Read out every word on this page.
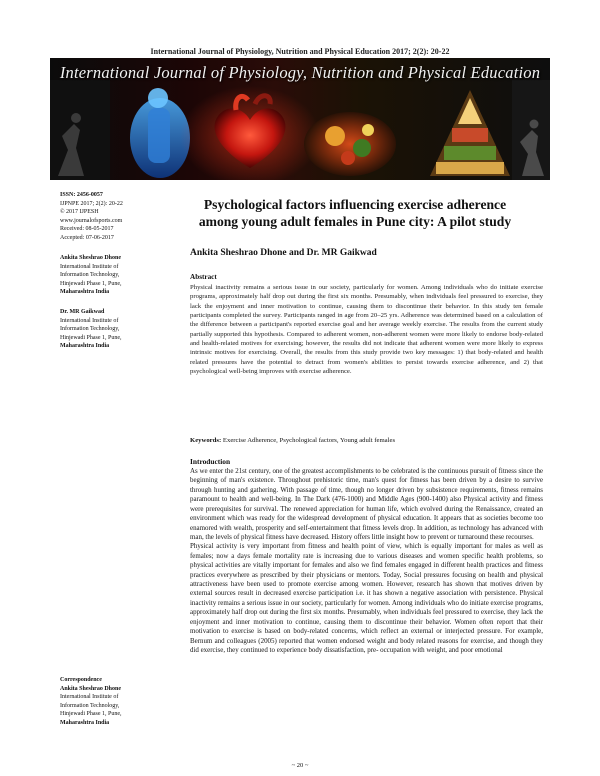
International Journal of Physiology, Nutrition and Physical Education 2017; 2(2): 20-22
International Journal of Physiology, Nutrition and Physical Education
ISSN: 2456-0057
IJPNPE 2017; 2(2): 20-22
© 2017 IJPESH
www.journalofsports.com
Received: 08-05-2017
Accepted: 07-06-2017
Ankita Sheshrao Dhone
International Institute of
Information Technology,
Hinjewadi Phase 1, Pune,
Maharashtra India
Dr. MR Gaikwad
International Institute of
Information Technology,
Hinjewadi Phase 1, Pune,
Maharashtra India
Correspondence
Ankita Sheshrao Dhone
International Institute of
Information Technology,
Hinjewadi Phase 1, Pune,
Maharashtra India
Psychological factors influencing exercise adherence among young adult females in Pune city: A pilot study
Ankita Sheshrao Dhone and Dr. MR Gaikwad
Abstract
Physical inactivity remains a serious issue in our society, particularly for women. Among individuals who do initiate exercise programs, approximately half drop out during the first six months. Presumably, when individuals feel pressured to exercise, they lack the enjoyment and inner motivation to continue, causing them to discontinue their behavior. In this study ten female participants completed the survey. Participants ranged in age from 20–25 yrs. Adherence was determined based on a calculation of the difference between a participant's reported exercise goal and her average weekly exercise. The results from the current study partially supported this hypothesis. Compared to adherent women, non-adherent women were more likely to endorse body-related and health-related motives for exercising; however, the results did not indicate that adherent women were more likely to express intrinsic motives for exercising. Overall, the results from this study provide two key messages: 1) that body-related and health related pressures have the potential to detract from women's abilities to persist towards exercise adherence, and 2) that psychological well-being improves with exercise adherence.
Keywords: Exercise Adherence, Psychological factors, Young adult females
Introduction

As we enter the 21st century, one of the greatest accomplishments to be celebrated is the continuous pursuit of fitness since the beginning of man's existence. Throughout prehistoric time, man's quest for fitness has been driven by a desire to survive through hunting and gathering. With passage of time, though no longer driven by subsistence requirements, fitness remains paramount to health and well-being. In The Dark (476-1000) and Middle Ages (900-1400) also Physical activity and fitness were prerequisites for survival. The renewed appreciation for human life, which evolved during the Renaissance, created an environment which was ready for the widespread development of physical education. It appears that as societies become too enamored with wealth, prosperity and self-entertainment that fitness levels drop. In addition, as technology has advanced with man, the levels of physical fitness have decreased. History offers little insight how to prevent or turnaround these recourses.

Physical activity is very important from fitness and health point of view, which is equally important for males as well as females; now a days female mortality rate is increasing due to various diseases and women specific health problems, so physical activities are vitally important for females and also we find females engaged in different health practices and fitness practices everywhere as prescribed by their physicians or mentors. Today, Social pressures focusing on health and physical attractiveness have been used to promote exercise among women. However, research has shown that motives driven by external sources result in decreased exercise participation i.e. it has shown a negative association with persistence. Physical inactivity remains a serious issue in our society, particularly for women. Among individuals who do initiate exercise programs, approximately half drop out during the first six months. Presumably, when individuals feel pressured to exercise, they lack the enjoyment and inner motivation to continue, causing them to discontinue their behavior. Women often report that their motivation to exercise is based on body-related concerns, which reflect an external or interjected pressure. For example, Bernum and colleagues (2005) reported that women endorsed weight and body related reasons for exercise, and though they did exercise, they continued to experience body dissatisfaction, pre- occupation with weight, and poor emotional

~ 20 ~
